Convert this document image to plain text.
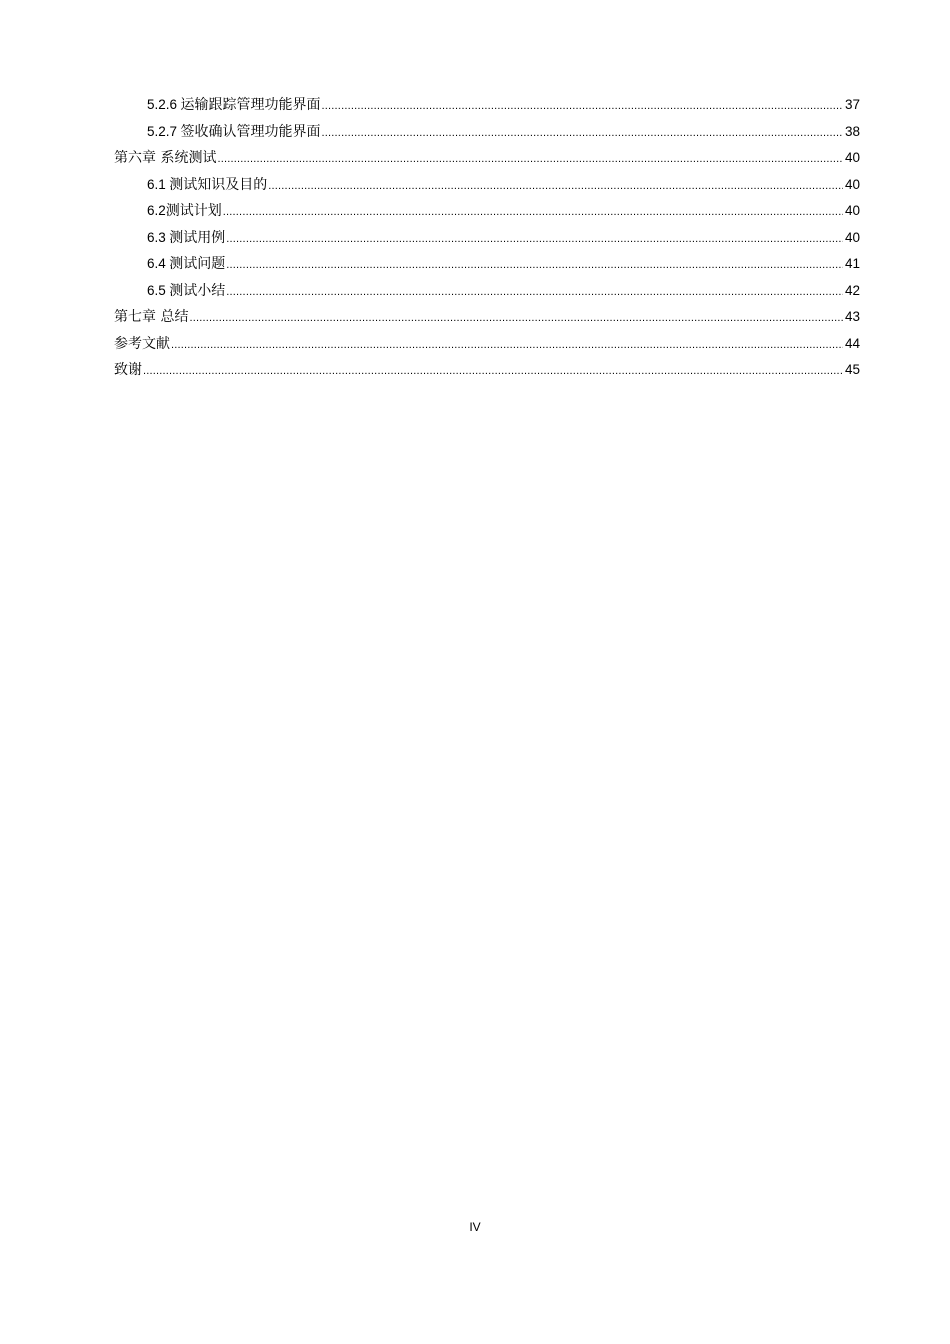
5.2.6 运输跟踪管理功能界面 .....	37
5.2.7 签收确认管理功能界面 .....	38
第六章 系统测试 .....	40
6.1 测试知识及目的 .....	40
6.2测试计划 .....	40
6.3 测试用例 .....	40
6.4 测试问题 .....	41
6.5 测试小结 .....	42
第七章 总结 .....	43
参考文献 .....	44
致谢 .....	45
IV
